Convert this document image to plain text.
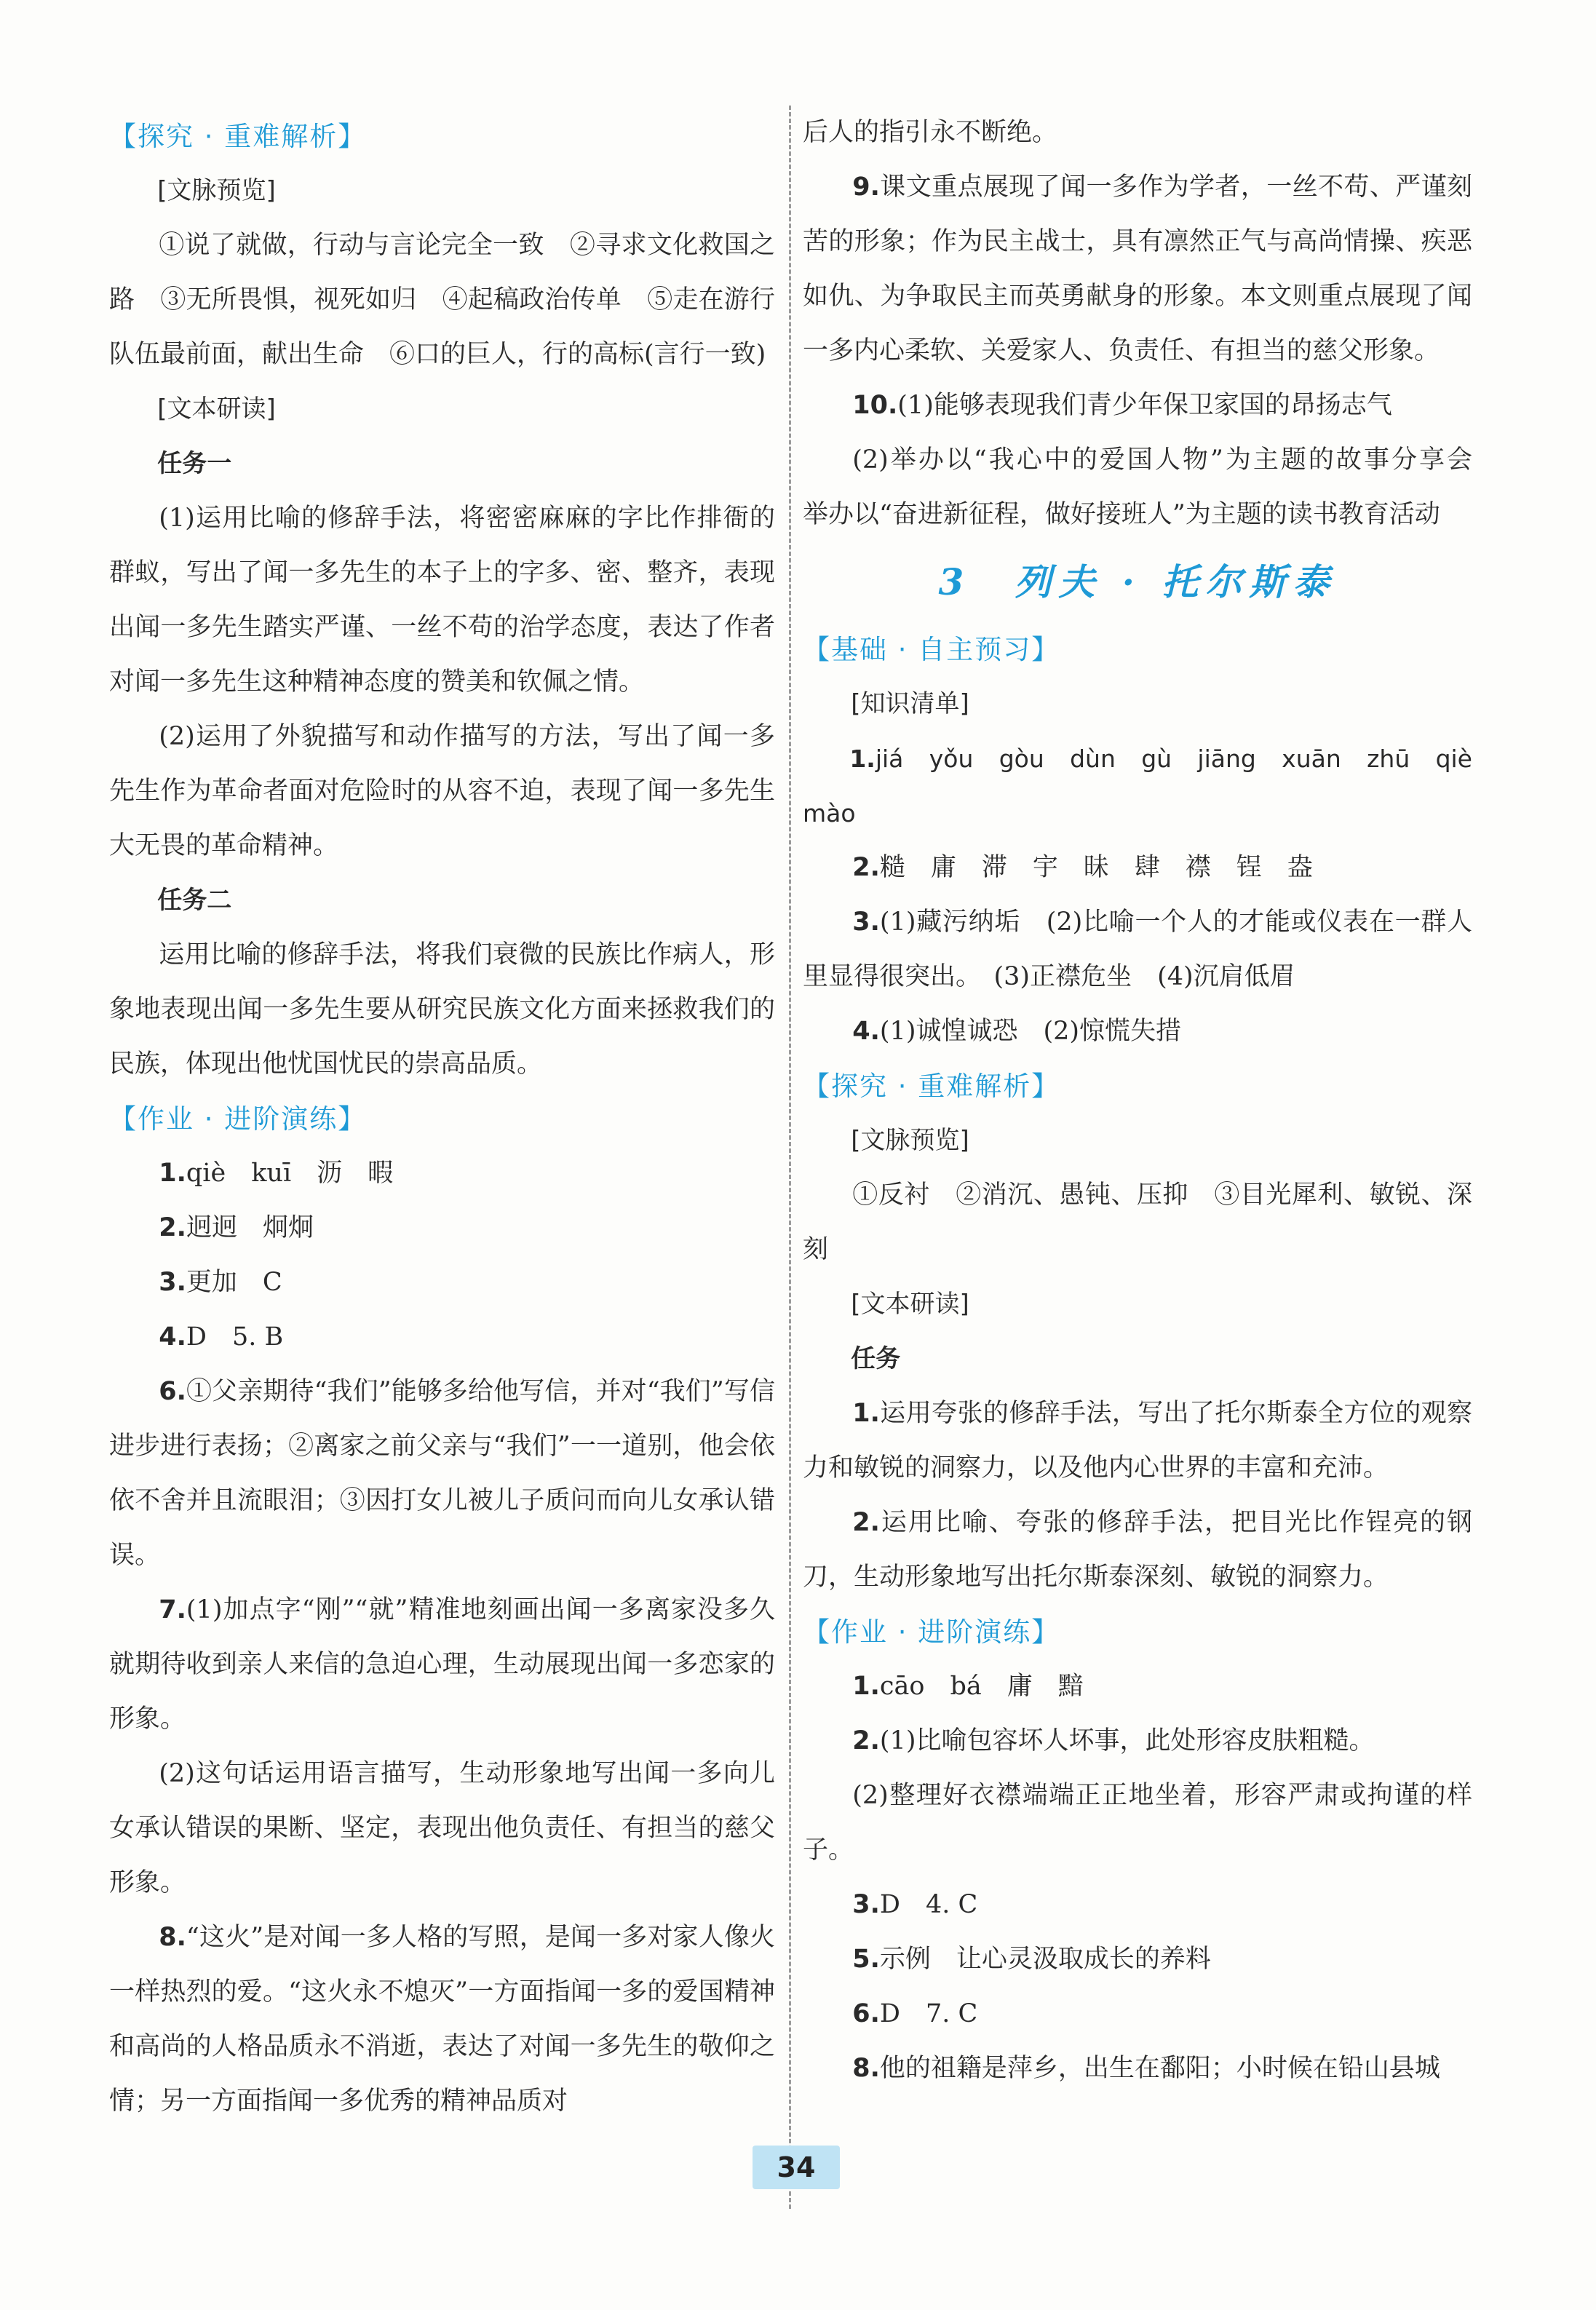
【探究 · 重难解析】

[文脉预览]

①说了就做，行动与言论完全一致　②寻求文化救国之路　③无所畏惧，视死如归　④起稿政治传单　⑤走在游行队伍最前面，献出生命　⑥口的巨人，行的高标(言行一致)

[文本研读]

任务一

(1)运用比喻的修辞手法，将密密麻麻的字比作排衙的群蚁，写出了闻一多先生的本子上的字多、密、整齐，表现出闻一多先生踏实严谨、一丝不苟的治学态度，表达了作者对闻一多先生这种精神态度的赞美和钦佩之情。

(2)运用了外貌描写和动作描写的方法，写出了闻一多先生作为革命者面对危险时的从容不迫，表现了闻一多先生大无畏的革命精神。

任务二

运用比喻的修辞手法，将我们衰微的民族比作病人，形象地表现出闻一多先生要从研究民族文化方面来拯救我们的民族，体现出他忧国忧民的崇高品质。

【作业 · 进阶演练】

1.qiè　kuī　沥　暇

2.迥迥　炯炯

3.更加　C

4.D　5. B

6.①父亲期待“我们”能够多给他写信，并对“我们”写信进步进行表扬；②离家之前父亲与“我们”一一道别，他会依依不舍并且流眼泪；③因打女儿被儿子质问而向儿女承认错误。

7.(1)加点字“刚”“就”精准地刻画出闻一多离家没多久就期待收到亲人来信的急迫心理，生动展现出闻一多恋家的形象。

(2)这句话运用语言描写，生动形象地写出闻一多向儿女承认错误的果断、坚定，表现出他负责任、有担当的慈父形象。

8.“这火”是对闻一多人格的写照，是闻一多对家人像火一样热烈的爱。“这火永不熄灭”一方面指闻一多的爱国精神和高尚的人格品质永不消逝，表达了对闻一多先生的敬仰之情；另一方面指闻一多优秀的精神品质对

后人的指引永不断绝。

9.课文重点展现了闻一多作为学者，一丝不苟、严谨刻苦的形象；作为民主战士，具有凛然正气与高尚情操、疾恶如仇、为争取民主而英勇献身的形象。本文则重点展现了闻一多内心柔软、关爱家人、负责任、有担当的慈父形象。

10.(1)能够表现我们青少年保卫家国的昂扬志气

(2)举办以“我心中的爱国人物”为主题的故事分享会　举办以“奋进新征程，做好接班人”为主题的读书教育活动

3　列夫 · 托尔斯泰

【基础 · 自主预习】

[知识清单]

1.jiá　yǒu　gòu　dùn　gù　jiāng　xuān　zhū　qiè　mào

2.糙　庸　滞　宇　昧　肆　襟　锃　盎

3.(1)藏污纳垢　(2)比喻一个人的才能或仪表在一群人里显得很突出。　(3)正襟危坐　(4)沉肩低眉

4.(1)诚惶诚恐　(2)惊慌失措

【探究 · 重难解析】

[文脉预览]

①反衬　②消沉、愚钝、压抑　③目光犀利、敏锐、深刻

[文本研读]

任务

1.运用夸张的修辞手法，写出了托尔斯泰全方位的观察力和敏锐的洞察力，以及他内心世界的丰富和充沛。

2.运用比喻、夸张的修辞手法，把目光比作锃亮的钢刀，生动形象地写出托尔斯泰深刻、敏锐的洞察力。

【作业 · 进阶演练】

1.cāo　bá　庸　黯

2.(1)比喻包容坏人坏事，此处形容皮肤粗糙。

(2)整理好衣襟端端正正地坐着，形容严肃或拘谨的样子。

3.D　4. C

5.示例　让心灵汲取成长的养料

6.D　7. C

8.他的祖籍是萍乡，出生在鄱阳；小时候在铅山县城

34
